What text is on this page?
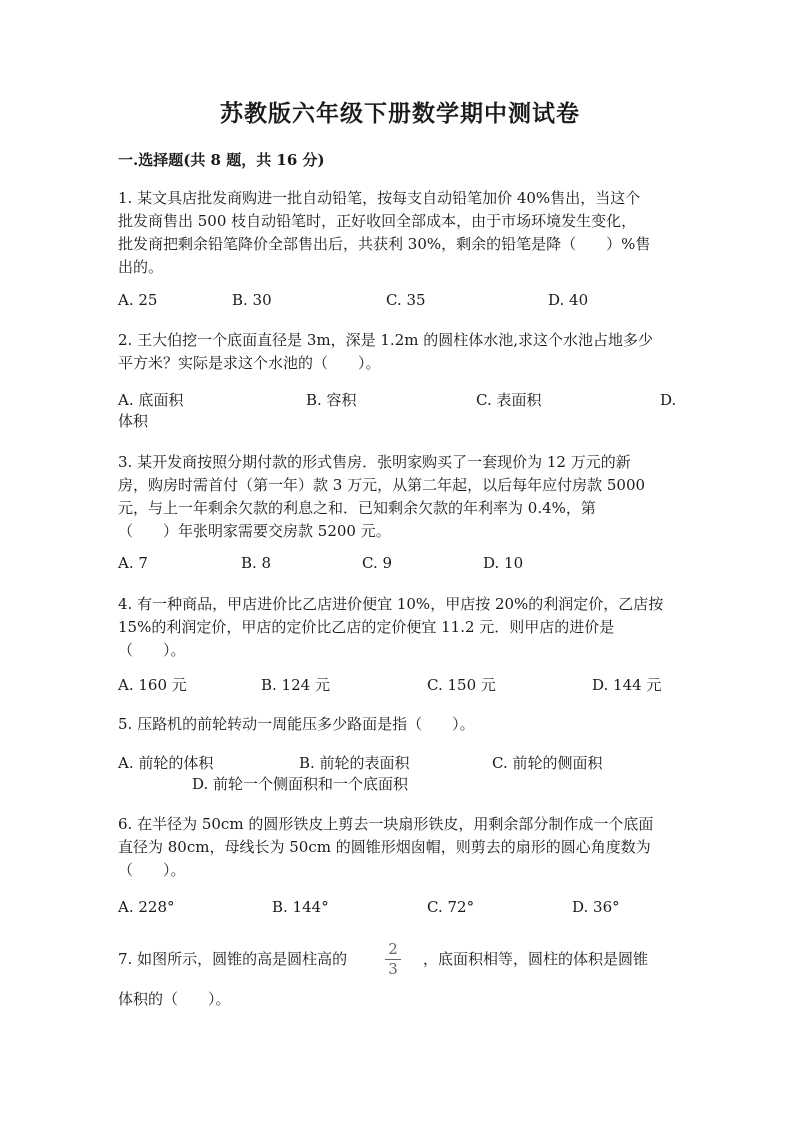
苏教版六年级下册数学期中测试卷
一.选择题(共 8 题，共 16 分)
1. 某文具店批发商购进一批自动铅笔，按每支自动铅笔加价 40%售出，当这个
批发商售出 500 枝自动铅笔时，正好收回全部成本，由于市场环境发生变化，
批发商把剩余铅笔降价全部售出后，共获利 30%，剩余的铅笔是降（　　）%售
出的。
A. 25	B. 30	C. 35	D. 40
2. 王大伯挖一个底面直径是 3m，深是 1.2m 的圆柱体水池,求这个水池占地多少
平方米？实际是求这个水池的（　　）。
A. 底面积	B. 容积	C. 表面积	D.
体积
3. 某开发商按照分期付款的形式售房．张明家购买了一套现价为 12 万元的新
房，购房时需首付（第一年）款 3 万元，从第二年起，以后每年应付房款 5000
元，与上一年剩余欠款的利息之和．已知剩余欠款的年利率为 0.4%，第
（　　）年张明家需要交房款 5200 元。
A. 7	B. 8	C. 9	D. 10
4. 有一种商品，甲店进价比乙店进价便宜 10%，甲店按 20%的利润定价，乙店按
15%的利润定价，甲店的定价比乙店的定价便宜 11.2 元．则甲店的进价是
（　　）。
A. 160 元	B. 124 元	C. 150 元	D. 144 元
5. 压路机的前轮转动一周能压多少路面是指（　　）。
A. 前轮的体积	B. 前轮的表面积	C. 前轮的侧面积
D. 前轮一个侧面积和一个底面积
6. 在半径为 50cm 的圆形铁皮上剪去一块扇形铁皮，用剩余部分制作成一个底面
直径为 80cm，母线长为 50cm 的圆锥形烟囱帽，则剪去的扇形的圆心角度数为
（　　）。
A. 228°	B. 144°	C. 72°	D. 36°
7. 如图所示，圆锥的高是圆柱高的
2
3
，底面积相等，圆柱的体积是圆锥
体积的（　　）。
